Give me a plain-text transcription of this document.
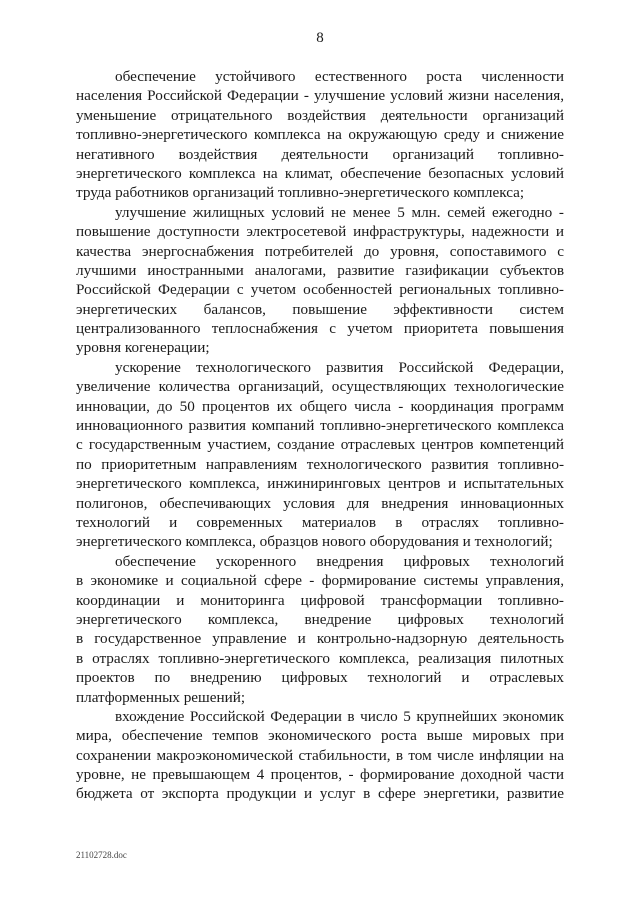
8
обеспечение устойчивого естественного роста численности
населения Российской Федерации - улучшение условий жизни населения,
уменьшение отрицательного воздействия деятельности организаций
топливно-энергетического комплекса на окружающую среду и снижение
негативного воздействия деятельности организаций топливно-
энергетического комплекса на климат, обеспечение безопасных условий
труда работников организаций топливно-энергетического комплекса;
улучшение жилищных условий не менее 5 млн. семей ежегодно -
повышение доступности электросетевой инфраструктуры, надежности и
качества энергоснабжения потребителей до уровня, сопоставимого с
лучшими иностранными аналогами, развитие газификации субъектов
Российской Федерации с учетом особенностей региональных топливно-
энергетических балансов, повышение эффективности систем
централизованного теплоснабжения с учетом приоритета повышения
уровня когенерации;
ускорение технологического развития Российской Федерации,
увеличение количества организаций, осуществляющих технологические
инновации, до 50 процентов их общего числа - координация программ
инновационного развития компаний топливно-энергетического комплекса
с государственным участием, создание отраслевых центров компетенций
по приоритетным направлениям технологического развития топливно-
энергетического комплекса, инжиниринговых центров и испытательных
полигонов, обеспечивающих условия для внедрения инновационных
технологий и современных материалов в отраслях топливно-
энергетического комплекса, образцов нового оборудования и технологий;
обеспечение ускоренного внедрения цифровых технологий
в экономике и социальной сфере - формирование системы управления,
координации и мониторинга цифровой трансформации топливно-
энергетического комплекса, внедрение цифровых технологий
в государственное управление и контрольно-надзорную деятельность
в отраслях топливно-энергетического комплекса, реализация пилотных
проектов по внедрению цифровых технологий и отраслевых
платформенных решений;
вхождение Российской Федерации в число 5 крупнейших экономик
мира, обеспечение темпов экономического роста выше мировых при
сохранении макроэкономической стабильности, в том числе инфляции на
уровне, не превышающем 4 процентов, - формирование доходной части
бюджета от экспорта продукции и услуг в сфере энергетики, развитие
21102728.doc
